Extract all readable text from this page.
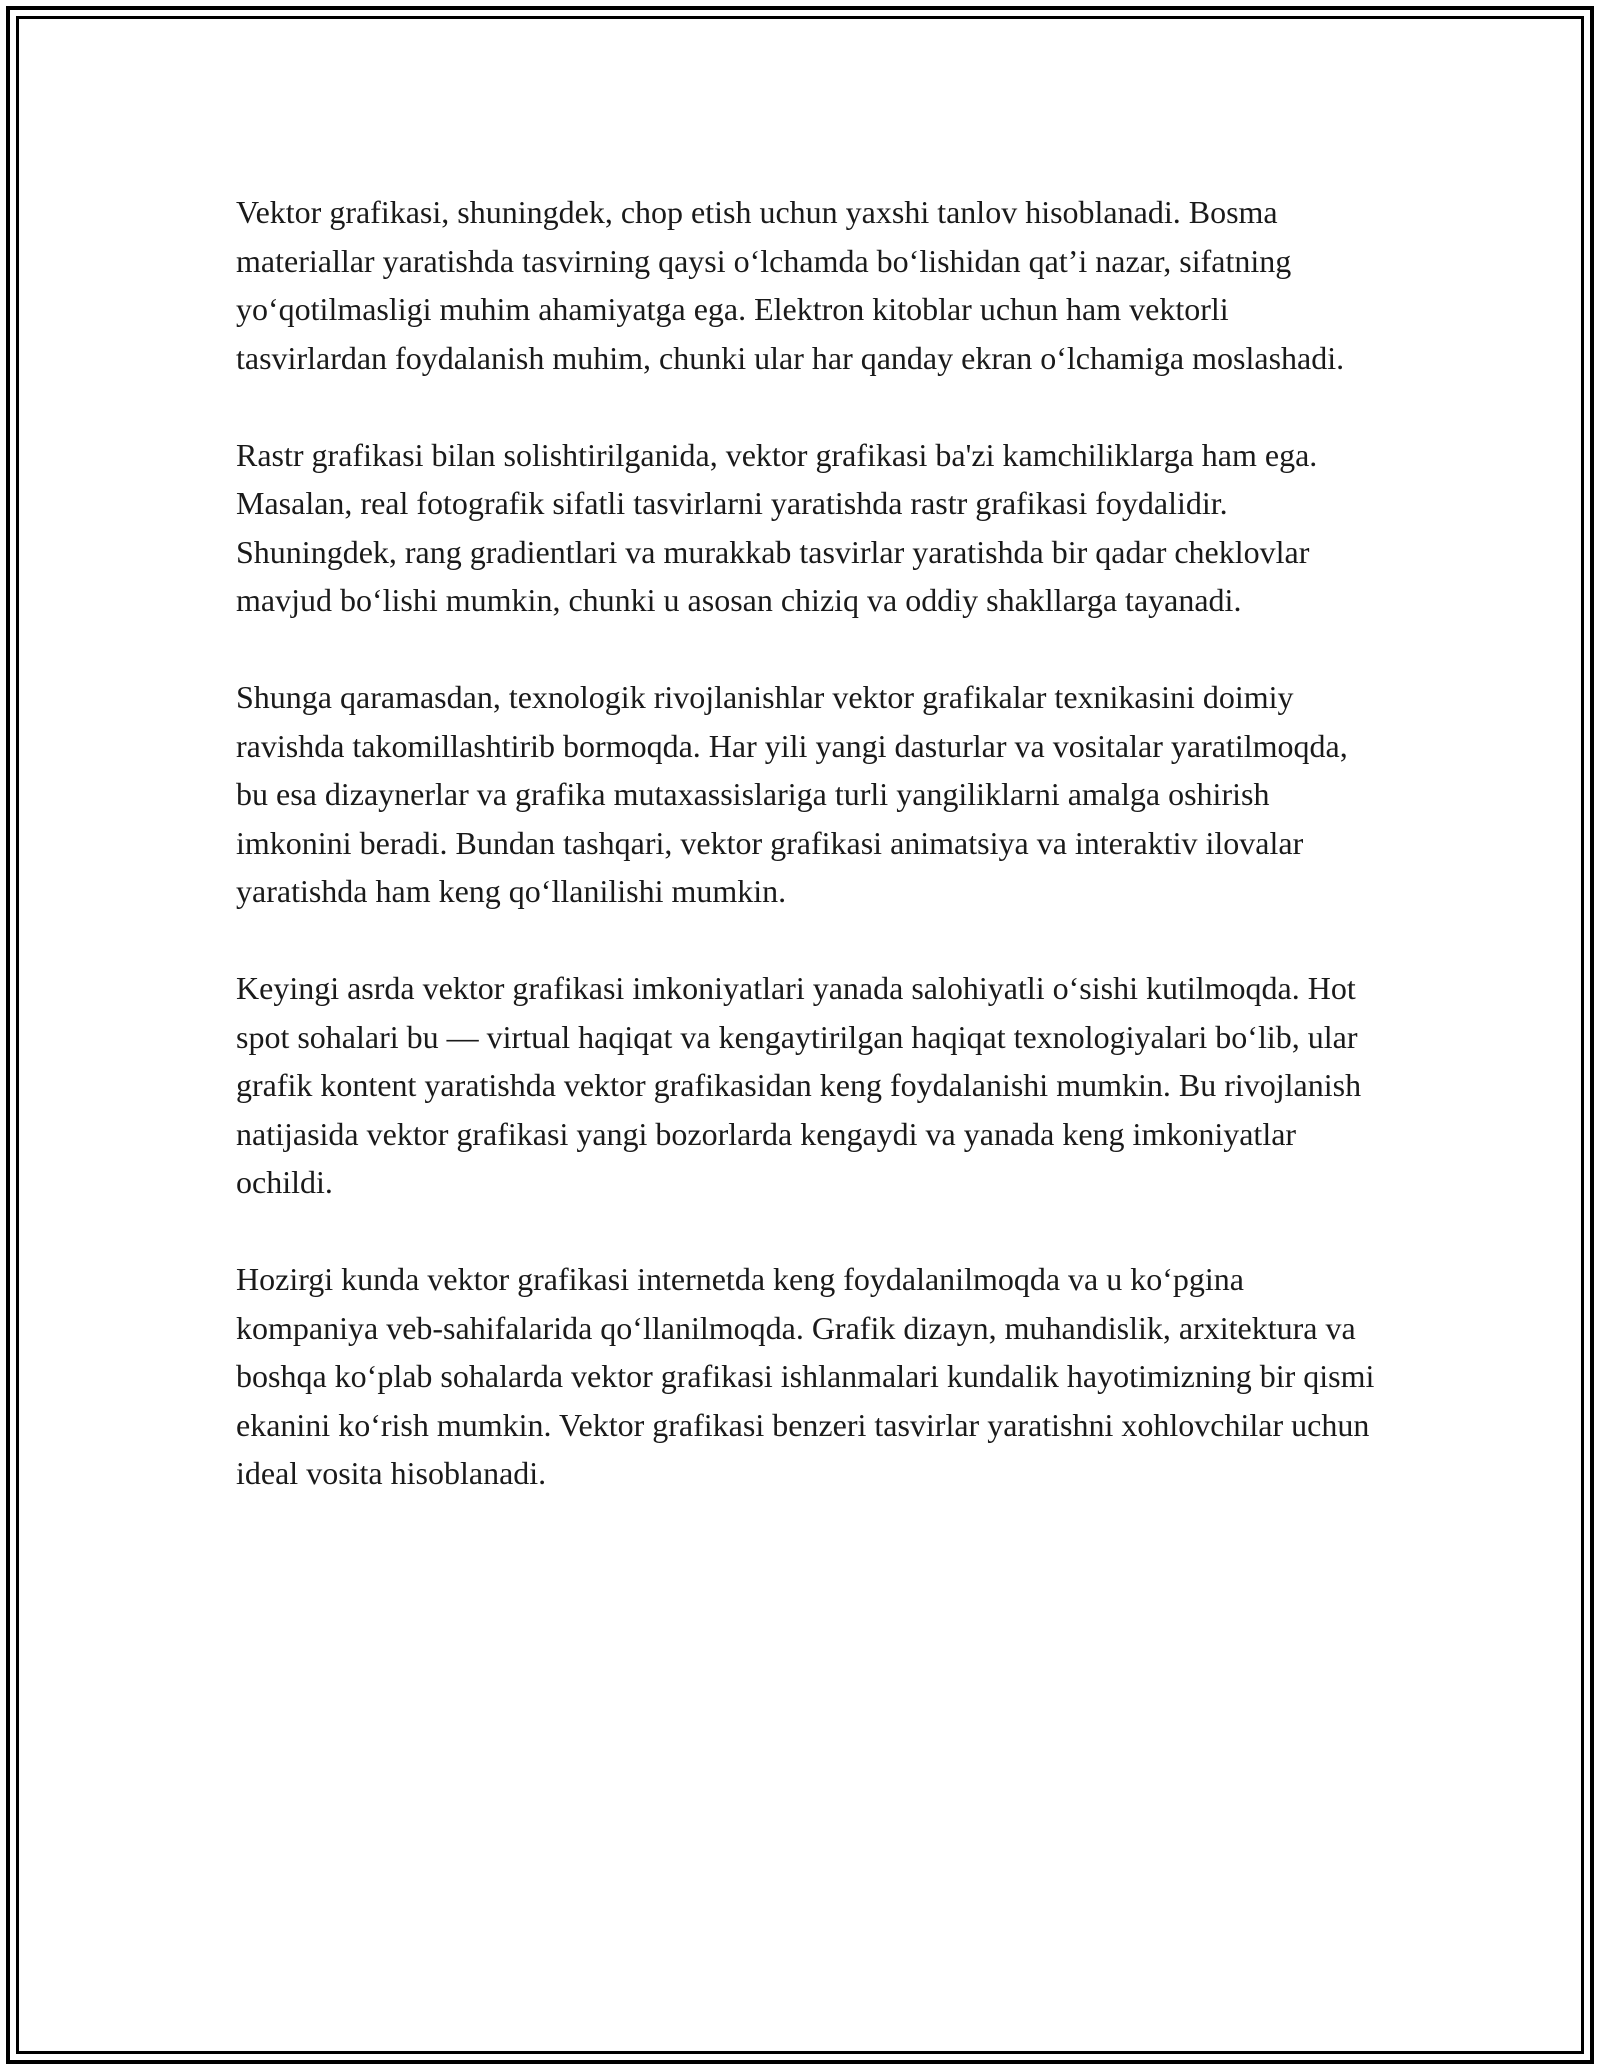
Vektor grafikasi, shuningdek, chop etish uchun yaxshi tanlov hisoblanadi. Bosma materiallar yaratishda tasvirning qaysi o‘lchamda bo‘lishidan qat’i nazar, sifatning yo‘qotilmasligi muhim ahamiyatga ega. Elektron kitoblar uchun ham vektorli tasvirlardan foydalanish muhim, chunki ular har qanday ekran o‘lchamiga moslashadi.

Rastr grafikasi bilan solishtirilganida, vektor grafikasi ba'zi kamchiliklarga ham ega. Masalan, real fotografik sifatli tasvirlarni yaratishda rastr grafikasi foydalidir. Shuningdek, rang gradientlari va murakkab tasvirlar yaratishda bir qadar cheklovlar mavjud bo‘lishi mumkin, chunki u asosan chiziq va oddiy shakllarga tayanadi.

Shunga qaramasdan, texnologik rivojlanishlar vektor grafikalar texnikasini doimiy ravishda takomillashtirib bormoqda. Har yili yangi dasturlar va vositalar yaratilmoqda, bu esa dizaynerlar va grafika mutaxassislariga turli yangiliklarni amalga oshirish imkonini beradi. Bundan tashqari, vektor grafikasi animatsiya va interaktiv ilovalar yaratishda ham keng qo‘llanilishi mumkin.

Keyingi asrda vektor grafikasi imkoniyatlari yanada salohiyatli o‘sishi kutilmoqda. Hot spot sohalari bu — virtual haqiqat va kengaytirilgan haqiqat texnologiyalari bo‘lib, ular grafik kontent yaratishda vektor grafikasidan keng foydalanishi mumkin. Bu rivojlanish natijasida vektor grafikasi yangi bozorlarda kengaydi va yanada keng imkoniyatlar ochildi.

Hozirgi kunda vektor grafikasi internetda keng foydalanilmoqda va u ko‘pgina kompaniya veb-sahifalarida qo‘llanilmoqda. Grafik dizayn, muhandislik, arxitektura va boshqa ko‘plab sohalarda vektor grafikasi ishlanmalari kundalik hayotimizning bir qismi ekanini ko‘rish mumkin. Vektor grafikasi benzeri tasvirlar yaratishni xohlovchilar uchun ideal vosita hisoblanadi.
